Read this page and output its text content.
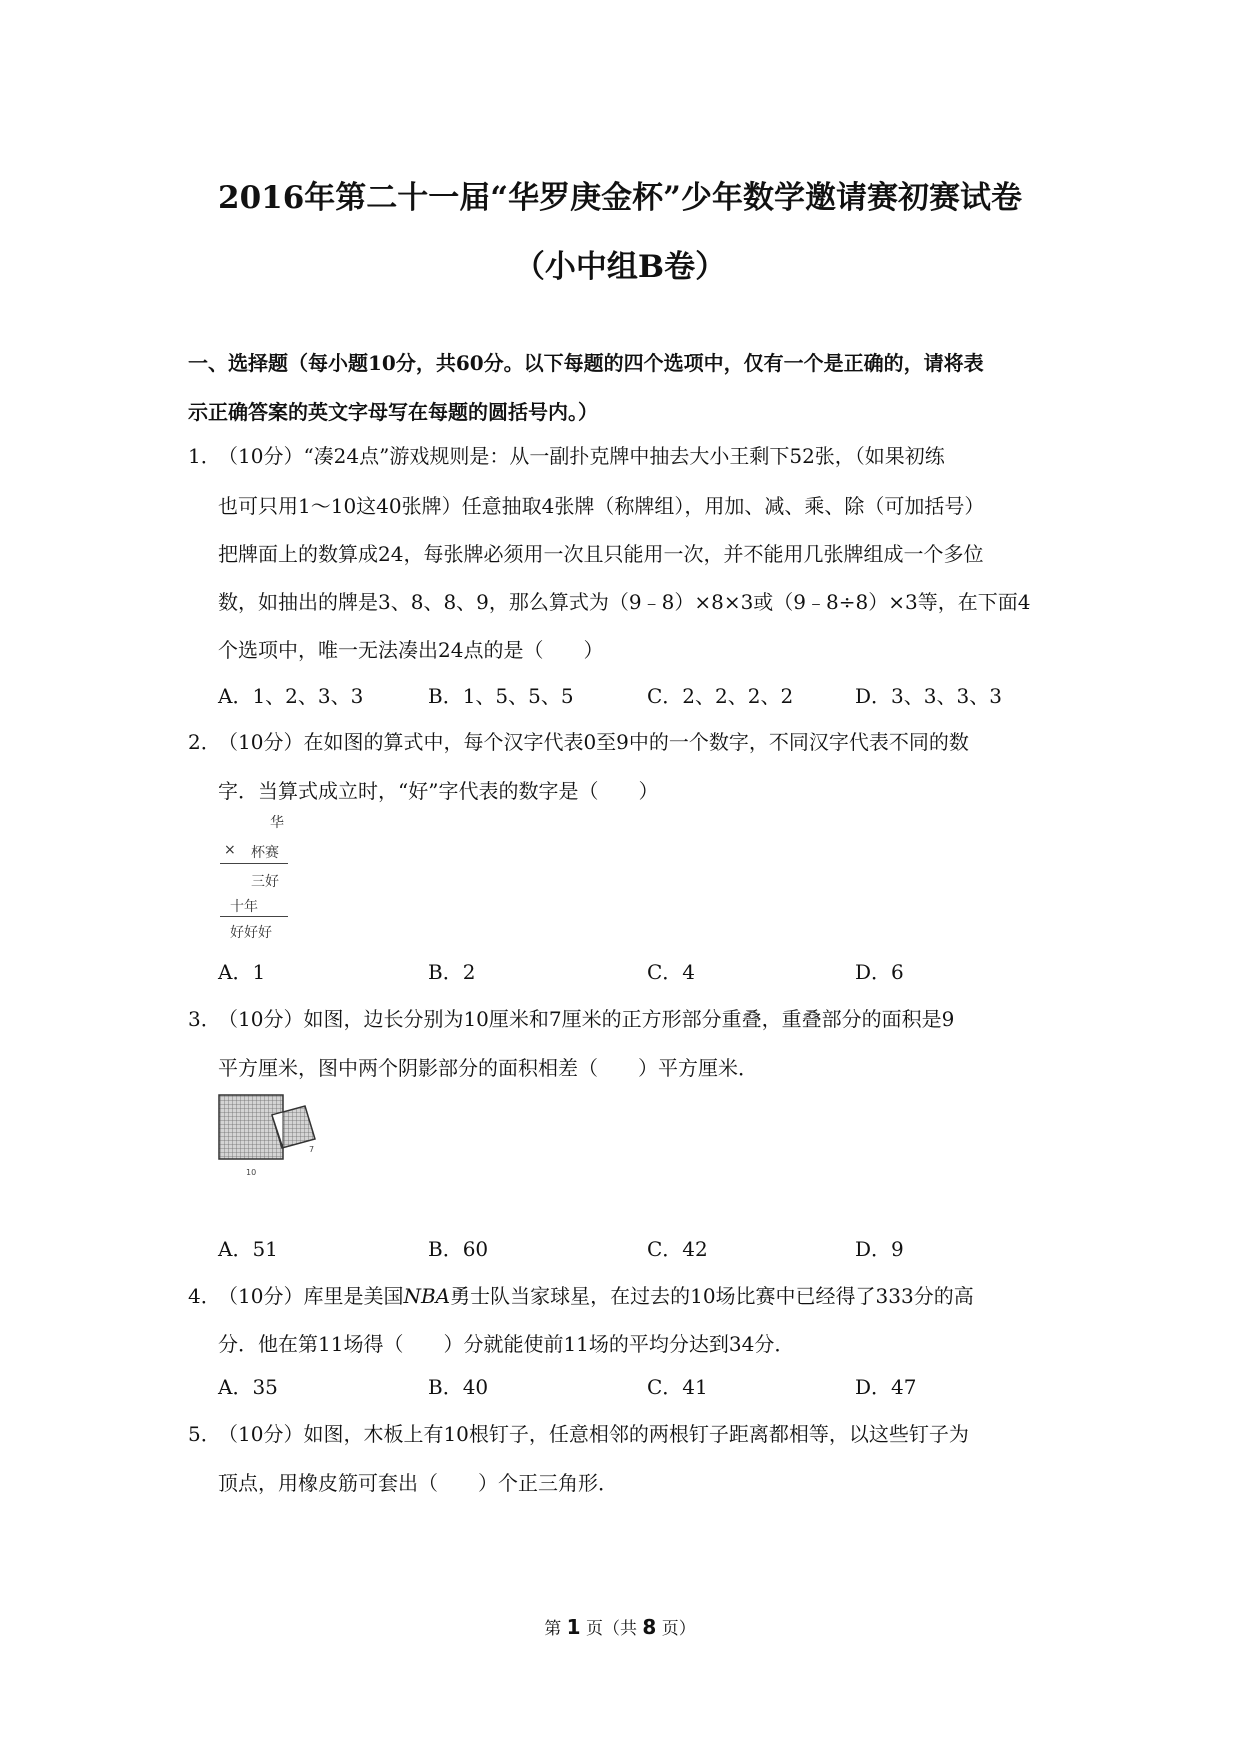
2016年第二十一届“华罗庚金杯”少年数学邀请赛初赛试卷
（小中组B卷）
一、选择题（每小题10分，共60分。以下每题的四个选项中，仅有一个是正确的，请将表
示正确答案的英文字母写在每题的圆括号内。）
1．
（10分）“凑24点”游戏规则是：从一副扑克牌中抽去大小王剩下52张，（如果初练
也可只用1～10这40张牌）任意抽取4张牌（称牌组），用加、减、乘、除（可加括号）
把牌面上的数算成24，每张牌必须用一次且只能用一次，并不能用几张牌组成一个多位
数，如抽出的牌是3、8、8、9，那么算式为（9﹣8）×8×3或（9﹣8÷8）×3等，在下面4
个选项中，唯一无法凑出24点的是（　　）
A．1、2、3、3	B．1、5、5、5	C．2、2、2、2	D．3、3、3、3
2．
（10分）在如图的算式中，每个汉字代表0至9中的一个数字，不同汉字代表不同的数
字．当算式成立时，“好”字代表的数字是（　　）
华
× 杯赛
三好
十年
好好好
A．1	B．2	C．4	D．6
3．
（10分）如图，边长分别为10厘米和7厘米的正方形部分重叠，重叠部分的面积是9
平方厘米，图中两个阴影部分的面积相差（　　）平方厘米．
10
7
A．51	B．60	C．42	D．9
4．
（10分）库里是美国NBA勇士队当家球星，在过去的10场比赛中已经得了333分的高
分．他在第11场得（　　）分就能使前11场的平均分达到34分．
A．35	B．40	C．41	D．47
5．
（10分）如图，木板上有10根钉子，任意相邻的两根钉子距离都相等，以这些钉子为
顶点，用橡皮筋可套出（　　）个正三角形．
第 1 页（共 8 页）
